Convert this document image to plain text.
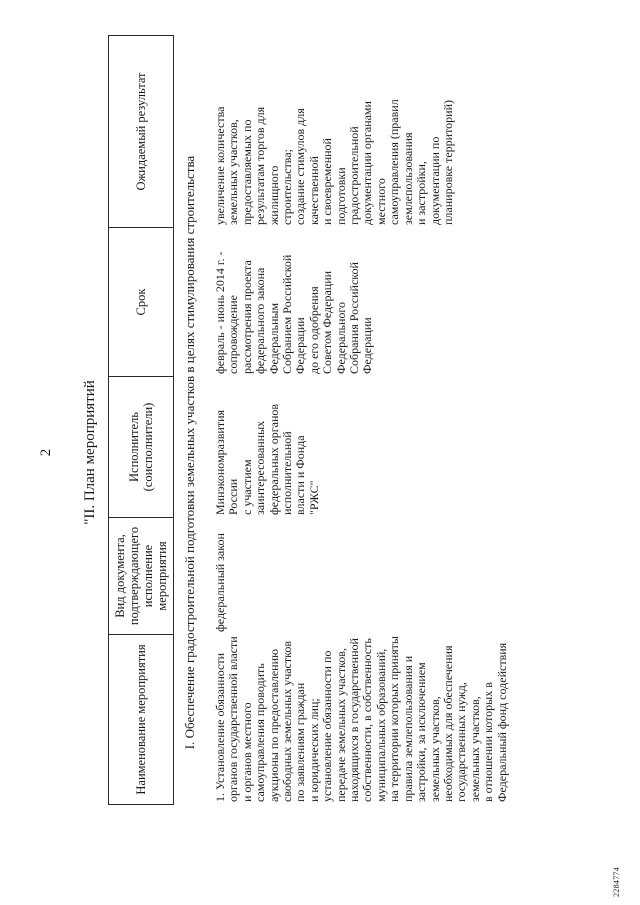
2 "II. План мероприятий
Наименование мероприятия
Вид документа, подтверждающего исполнение мероприятия
Исполнитель (соисполнители)
Срок
Ожидаемый результат
I. Обеспечение градостроительной подготовки земельных участков в целях стимулирования строительства 1. Установление обязанности органов государственной власти и органов местного самоуправления проводить аукционы по предоставлению свободных земельных участков по заявлениям граждан и юридических лиц; установление обязанности по передаче земельных участков, находящихся в государственной собственности, в собственность муниципальных образований, на территории которых приняты правила землепользования и застройки, за исключением земельных участков, необходимых для обеспечения государственных нужд, земельных участков, в отношении которых в Федеральный фонд содействия
федеральный закон
Минэкономразвития России с участием заинтересованных федеральных органов исполнительной власти и Фонда "РЖС"
февраль - июнь 2014 г. - сопровождение рассмотрения проекта федерального закона Федеральным Собранием Российской Федерации до его одобрения Советом Федерации Федерального Собрания Российской Федерации
увеличение количества земельных участков, предоставляемых по результатам торгов для жилищного строительства; создание стимулов для качественной и своевременной подготовки градостроительной документации органами местного самоуправления (правил землепользования и застройки, документации по планировке территорий)
2284774
